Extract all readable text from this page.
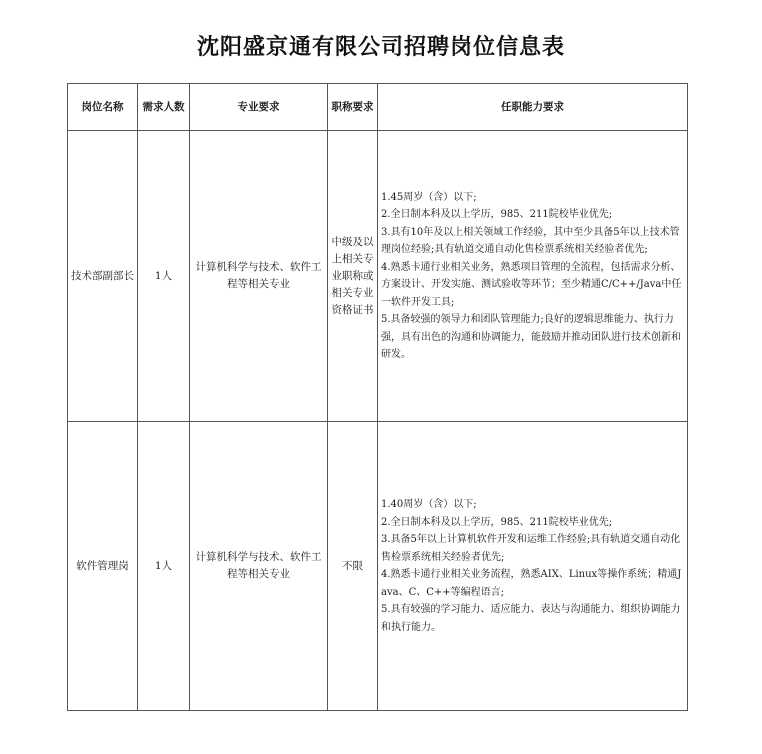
沈阳盛京通有限公司招聘岗位信息表
岗位名称	需求人数	专业要求	职称要求	任职能力要求
技术部副部长	1人	计算机科学与技术、软件工程等相关专业	中级及以上相关专业职称或相关专业资格证书	1.45周岁（含）以下;
2.全日制本科及以上学历，985、211院校毕业优先;
3.具有10年及以上相关领域工作经验，其中至少具备5年以上技术管理岗位经验;具有轨道交通自动化售检票系统相关经验者优先;
4.熟悉卡通行业相关业务，熟悉项目管理的全流程，包括需求分析、方案设计、开发实施、测试验收等环节；至少精通C/C++/Java中任一软件开发工具;
5.具备较强的领导力和团队管理能力;良好的逻辑思维能力、执行力强，具有出色的沟通和协调能力，能鼓励并推动团队进行技术创新和研发。

软件管理岗	1人	计算机科学与技术、软件工程等相关专业	不限	1.40周岁（含）以下;
2.全日制本科及以上学历，985、211院校毕业优先;
3.具备5年以上计算机软件开发和运维工作经验;具有轨道交通自动化售检票系统相关经验者优先;
4.熟悉卡通行业相关业务流程，熟悉AIX、Linux等操作系统；精通Java、C、C++等编程语言;
5.具有较强的学习能力、适应能力、表达与沟通能力、组织协调能力和执行能力。
